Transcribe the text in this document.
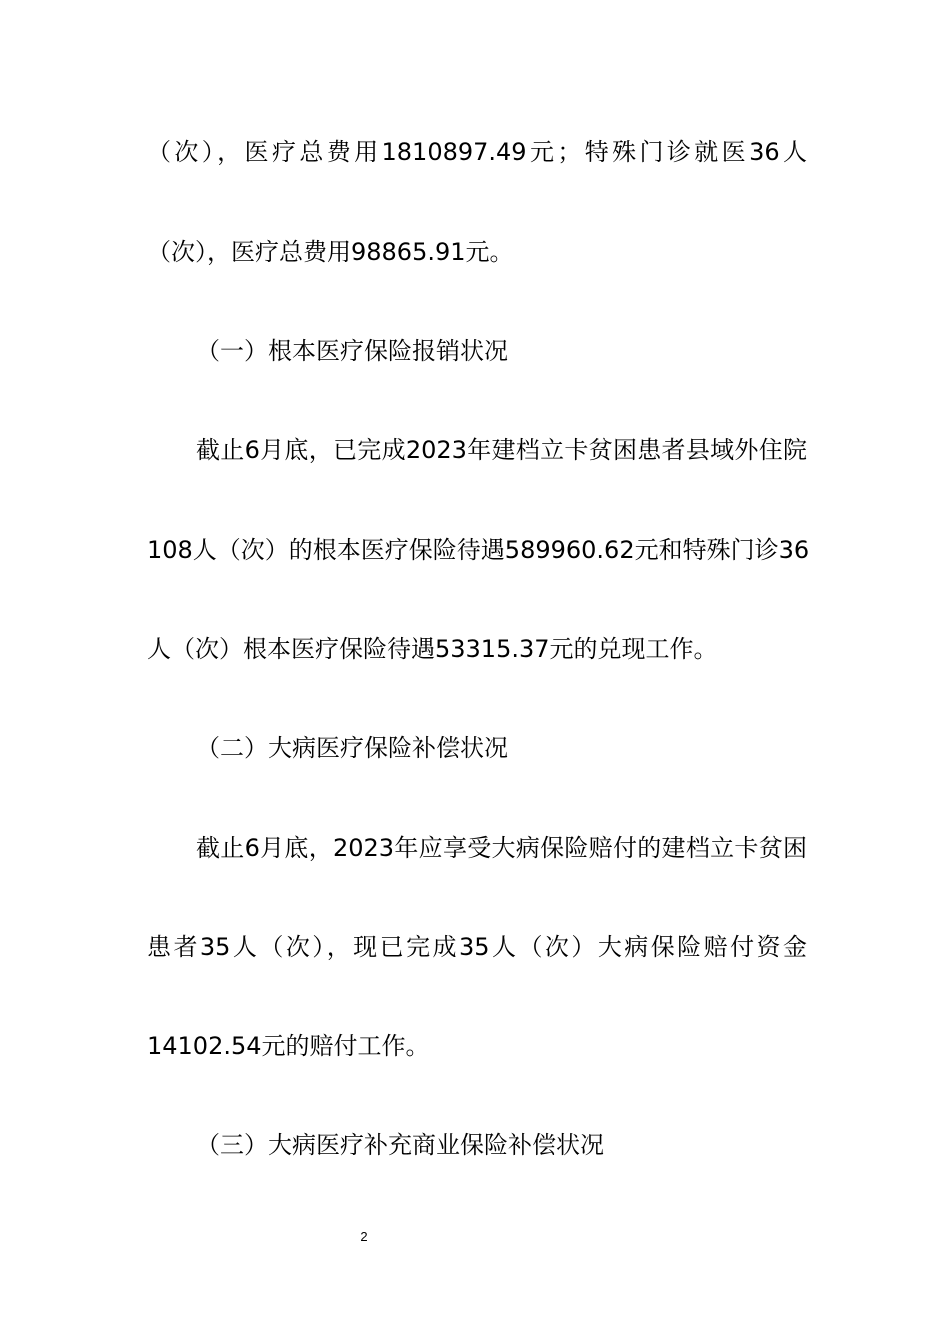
（次），医疗总费用1810897.49元；特殊门诊就医36人

（次），医疗总费用98865.91元。

（一）根本医疗保险报销状况

截止6月底，已完成2023年建档立卡贫困患者县域外住院

108人（次）的根本医疗保险待遇589960.62元和特殊门诊36

人（次）根本医疗保险待遇53315.37元的兑现工作。

（二）大病医疗保险补偿状况

截止6月底，2023年应享受大病保险赔付的建档立卡贫困

患者35人（次），现已完成35人（次）大病保险赔付资金

14102.54元的赔付工作。

（三）大病医疗补充商业保险补偿状况

2
